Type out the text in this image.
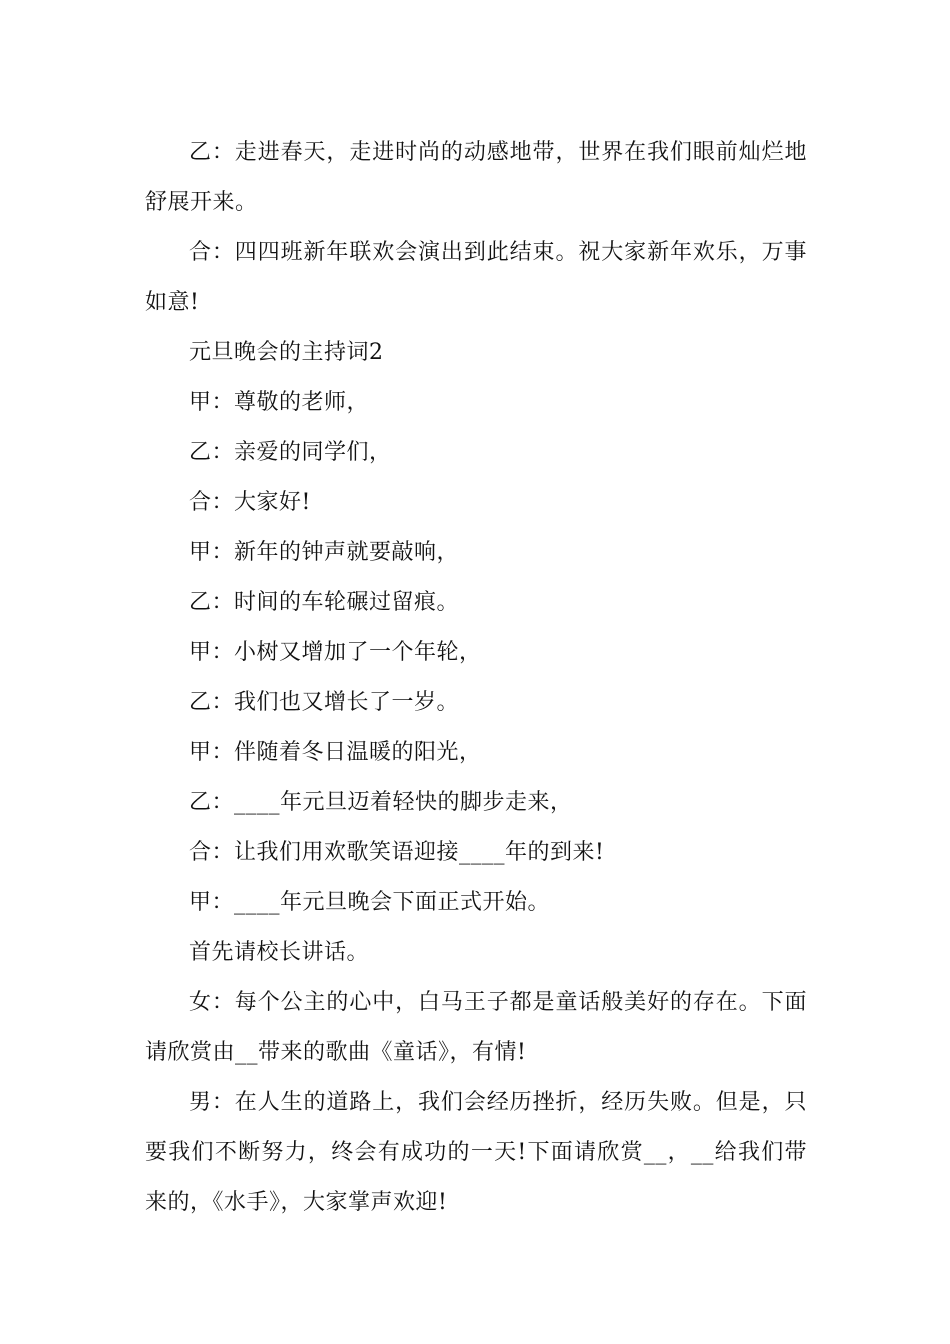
乙：走进春天，走进时尚的动感地带，世界在我们眼前灿烂地舒展开来。

合：四四班新年联欢会演出到此结束。祝大家新年欢乐，万事如意!

元旦晚会的主持词2

甲：尊敬的老师，

乙：亲爱的同学们，

合：大家好!

甲：新年的钟声就要敲响，

乙：时间的车轮碾过留痕。

甲：小树又增加了一个年轮，

乙：我们也又增长了一岁。

甲：伴随着冬日温暖的阳光，

乙：____年元旦迈着轻快的脚步走来，

合：让我们用欢歌笑语迎接____年的到来!

甲：____年元旦晚会下面正式开始。

首先请校长讲话。

女：每个公主的心中，白马王子都是童话般美好的存在。下面请欣赏由__带来的歌曲《童话》，有情!

男：在人生的道路上，我们会经历挫折，经历失败。但是，只要我们不断努力，终会有成功的一天!下面请欣赏__，__给我们带来的，《水手》，大家掌声欢迎!
